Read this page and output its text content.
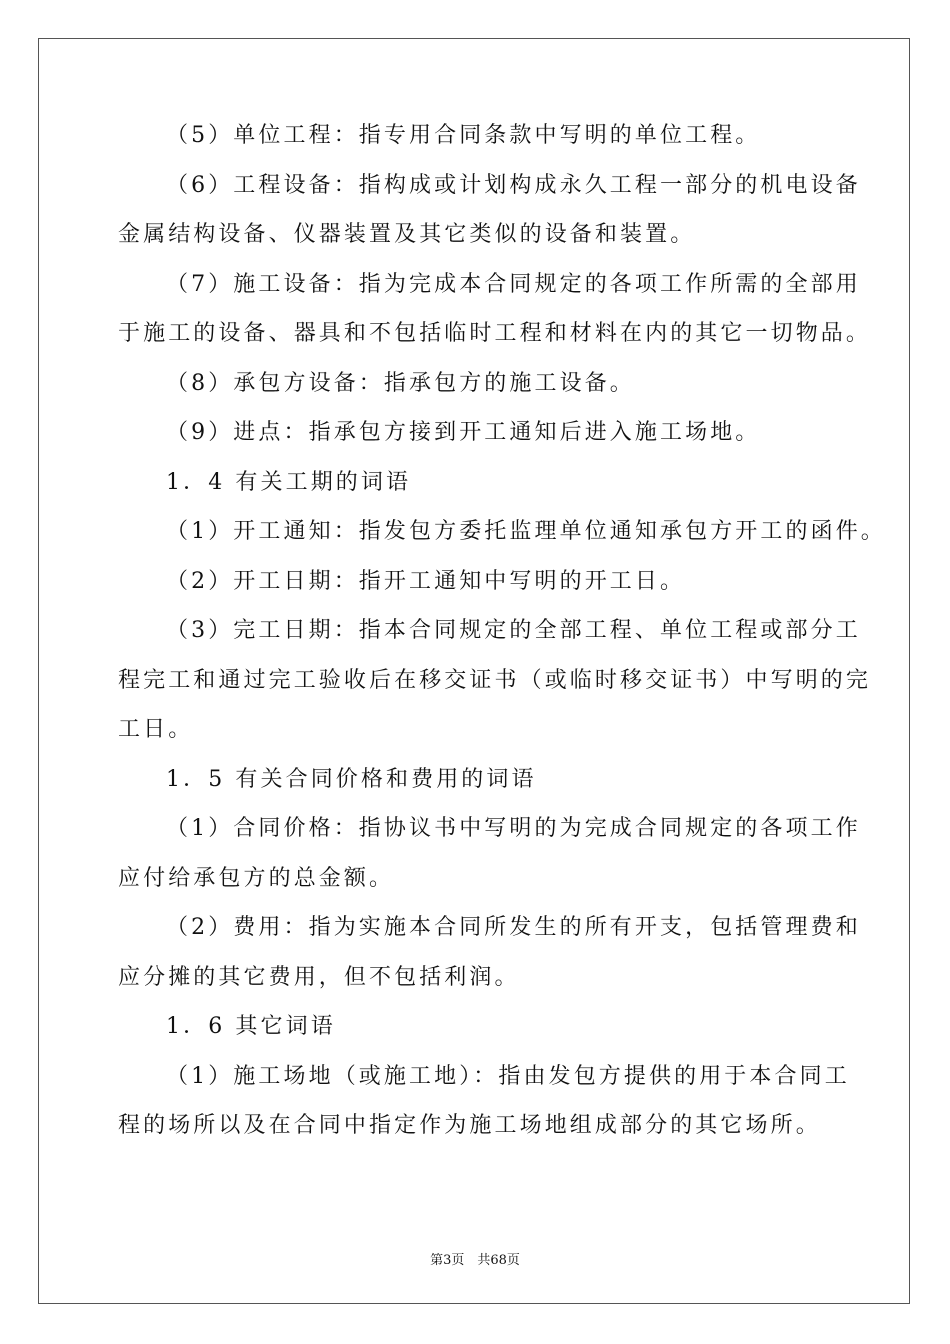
（5）单位工程：指专用合同条款中写明的单位工程。
（6）工程设备：指构成或计划构成永久工程一部分的机电设备
金属结构设备、仪器装置及其它类似的设备和装置。
（7）施工设备：指为完成本合同规定的各项工作所需的全部用
于施工的设备、器具和不包括临时工程和材料在内的其它一切物品。
（8）承包方设备：指承包方的施工设备。
（9）进点：指承包方接到开工通知后进入施工场地。
1．4 有关工期的词语
（1）开工通知：指发包方委托监理单位通知承包方开工的函件。
（2）开工日期：指开工通知中写明的开工日。
（3）完工日期：指本合同规定的全部工程、单位工程或部分工
程完工和通过完工验收后在移交证书（或临时移交证书）中写明的完
工日。
1．5 有关合同价格和费用的词语
（1）合同价格：指协议书中写明的为完成合同规定的各项工作
应付给承包方的总金额。
（2）费用：指为实施本合同所发生的所有开支，包括管理费和
应分摊的其它费用，但不包括利润。
1．6 其它词语
（1）施工场地（或施工地）：指由发包方提供的用于本合同工
程的场所以及在合同中指定作为施工场地组成部分的其它场所。
第3页　共68页
